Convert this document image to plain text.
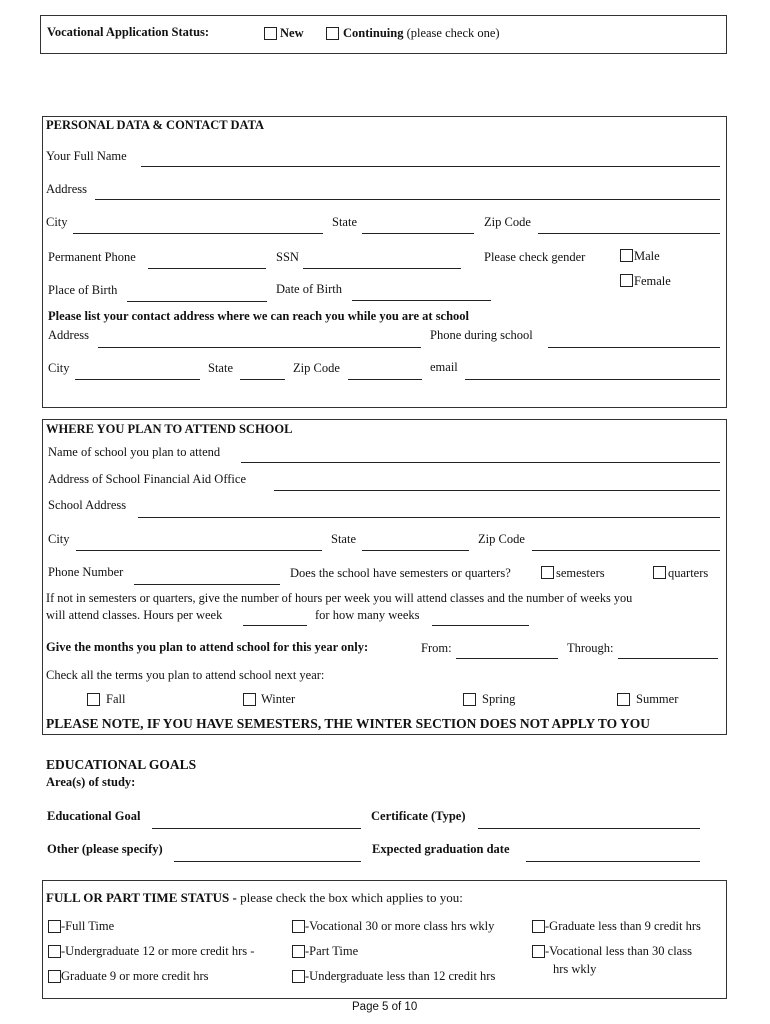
Vocational Application Status:	New	Continuing (please check one)
PERSONAL DATA & CONTACT DATA
Your Full Name
Address
City	State	Zip Code
Permanent Phone	SSN	Please check gender	Male
Female
Place of Birth	Date of Birth
Please list your contact address where we can reach you while you are at school
Address	Phone during school
City	State	Zip Code	email
WHERE YOU PLAN TO ATTEND SCHOOL
Name of school you plan to attend
Address of School Financial Aid Office
School Address
City	State	Zip Code
Phone Number	Does the school have semesters or quarters?	semesters	quarters
If not in semesters or quarters, give the number of hours per week you will attend classes and the number of weeks you
will attend classes. Hours per week	for how many weeks
Give the months you plan to attend school for this year only:	From:	Through:
Check all the terms you plan to attend school next year:
Fall	Winter	Spring	Summer
PLEASE NOTE, IF YOU HAVE SEMESTERS, THE WINTER SECTION DOES NOT APPLY TO YOU
EDUCATIONAL GOALS
Area(s) of study:
Educational Goal	Certificate (Type)
Other (please specify)	Expected graduation date
FULL OR PART TIME STATUS - please check the box which applies to you:
-Full Time	-Vocational 30 or more class hrs wkly	-Graduate less than 9 credit hrs
-Undergraduate 12 or more credit hrs -	-Part Time	-Vocational less than 30 class
hrs wkly
Graduate 9 or more credit hrs	-Undergraduate less than 12 credit hrs
Page 5 of 10
